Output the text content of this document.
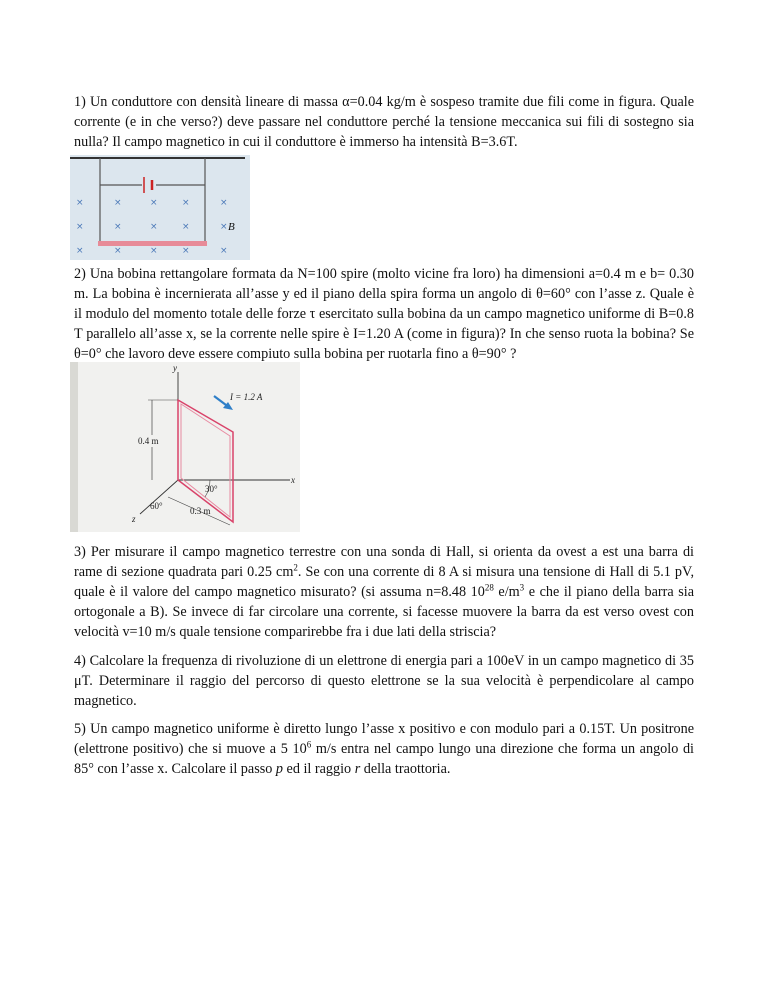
1) Un conduttore con densità lineare di massa α=0.04 kg/m è sospeso tramite due fili come in figura. Quale corrente (e in che verso?) deve passare nel conduttore perché la tensione meccanica sui fili di sostegno sia nulla? Il campo magnetico in cui il conduttore è immerso ha intensità B=3.6T.

×	×	×	×	×
×	×	×	×	×
×	×	×	×	×
B

2) Una bobina rettangolare formata da N=100 spire (molto vicine fra loro) ha dimensioni a=0.4 m e b= 0.30 m. La bobina è incernierata all’asse y ed il piano della spira forma un angolo di θ=60° con l’asse z. Quale è il modulo del momento totale delle forze τ esercitato sulla bobina da un campo magnetico uniforme di B=0.8 T parallelo all’asse x, se la corrente nelle spire è I=1.20 A (come in figura)? In che senso ruota la bobina? Se θ=0° che lavoro deve essere compiuto sulla bobina per ruotarla fino a θ=90° ?

y
x
z
I = 1.2 A
0.4 m
30°
0.3 m
60°

3) Per misurare il campo magnetico terrestre con una sonda di Hall, si orienta da ovest a est una barra di rame di sezione quadrata pari 0.25 $cm^2$. Se con una corrente di 8 A si misura una tensione di Hall di 5.1 pV, quale è il valore del campo magnetico misurato? (si assuma n=8.48 $10^{28}$ $e/m^3$ e che il piano della barra sia ortogonale a B). Se invece di far circolare una corrente, si facesse muovere la barra da est verso ovest con velocità v=10 m/s quale tensione comparirebbe fra i due lati della striscia?

4) Calcolare la frequenza di rivoluzione di un elettrone di energia pari a 100eV in un campo magnetico di 35 μT. Determinare il raggio del percorso di questo elettrone se la sua velocità è perpendicolare al campo magnetico.

5) Un campo magnetico uniforme è diretto lungo l’asse x positivo e con modulo pari a 0.15T. Un positrone (elettrone positivo) che si muove a 5 $10^6$ m/s entra nel campo lungo una direzione che forma un angolo di 85° con l’asse x. Calcolare il passo p ed il raggio r della traottoria.
